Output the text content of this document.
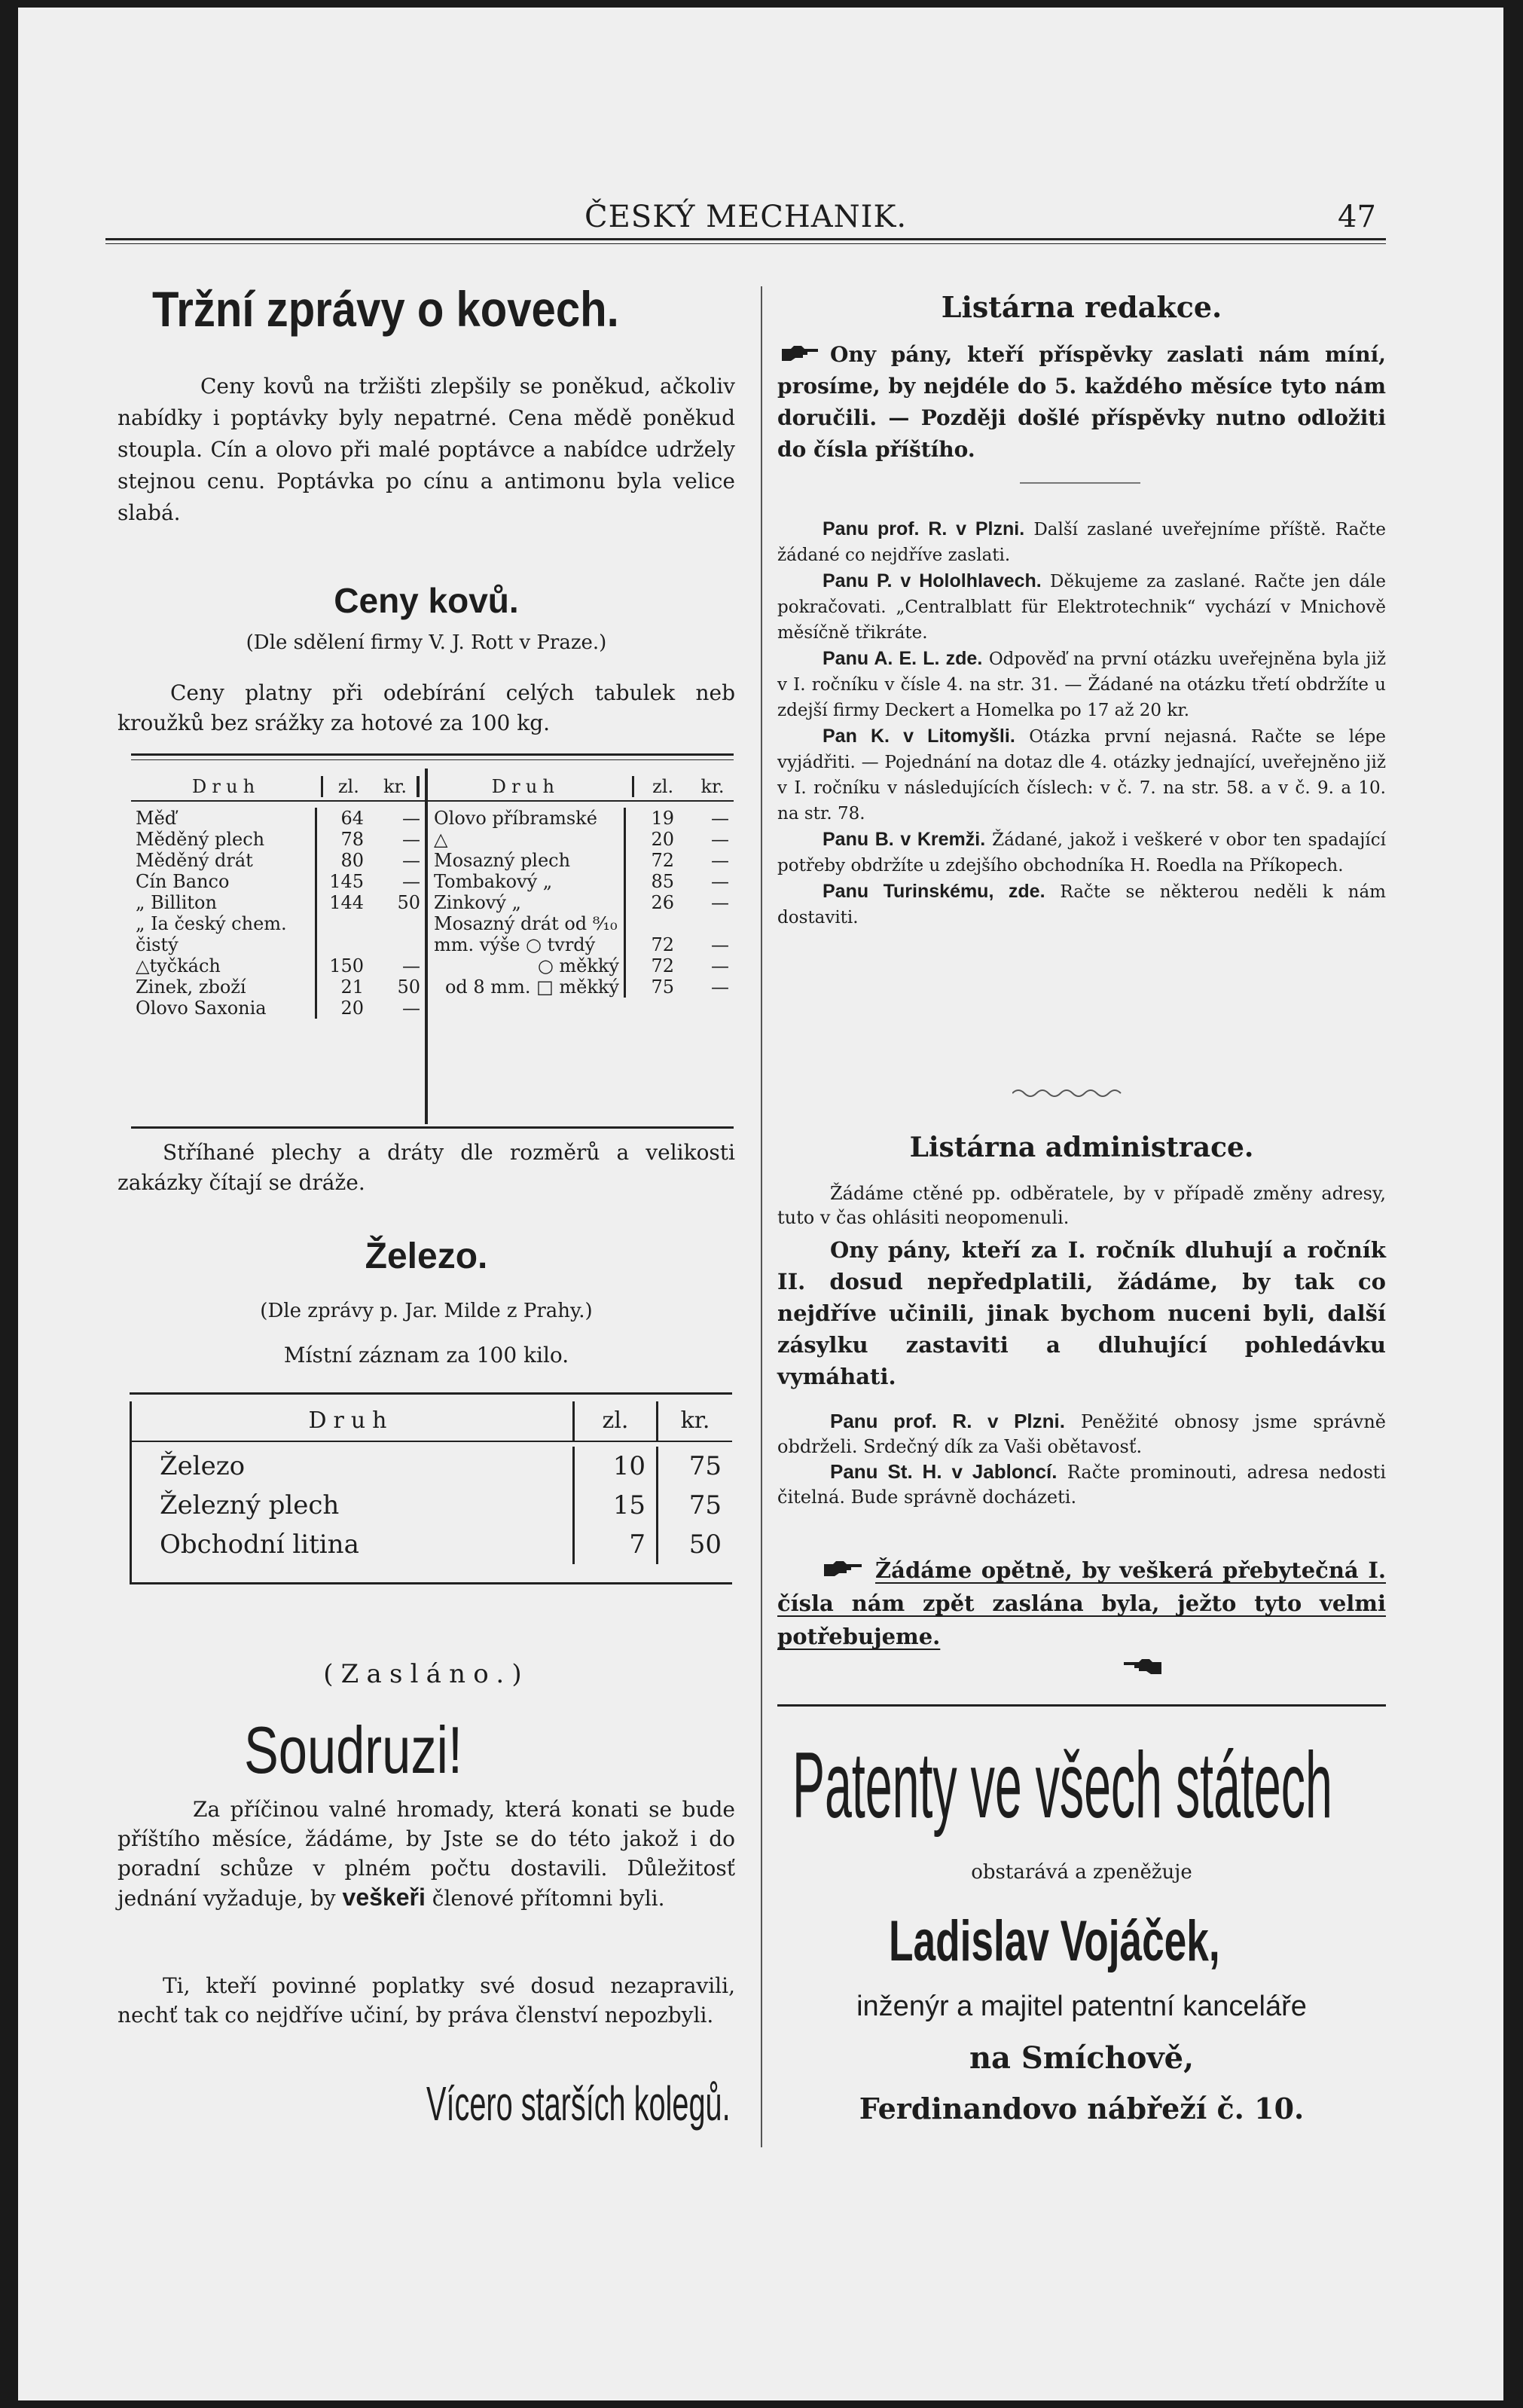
ČESKÝ MECHANIK.	47
Tržní zprávy o kovech.

Ceny kovů na tržišti zlepšily se poněkud, ačkoliv nabídky i poptávky byly nepatrné. Cena mědě poněkud stoupla. Cín a olovo při malé poptávce a nabídce udržely stejnou cenu. Poptávka po cínu a antimonu byla velice slabá.

Ceny kovů.
(Dle sdělení firmy V. J. Rott v Praze.)

Ceny platny při odebírání celých tabulek neb kroužků bez srážky za hotové za 100 kg.

Druh	zl.	kr.	Druh	zl.	kr.
Měď	64	—
Měděný plech	78	—
Měděný drát	80	—
Cín Banco	145	—
„ Billiton	144	50
„ Ia český chem. čistý		
△tyčkách	150	—
Zinek, zboží	21	50
Olovo Saxonia	20	—
Olovo příbramské	19	—
△	20	—
Mosazný plech	72	—
Tombakový „	85	—
Zinkový „	26	—
Mosazný drát od ⁸⁄₁₀ mm. výše ○ tvrdý	72	—
○ měkký	72	—
od 8 mm. □ měkký	75	—

Stříhané plechy a dráty dle rozměrů a velikosti zakázky čítají se dráže.

Železo.
(Dle zprávy p. Jar. Milde z Prahy.)
Místní záznam za 100 kilo.
Druh	zl.	kr.

Železo	10	75
Železný plech	15	75
Obchodní litina	7	50
(Zasláno.)
Soudruzi!

Za příčinou valné hromady, která konati se bude příštího měsíce, žádáme, by Jste se do této jakož i do poradní schůze v plném počtu dostavili. Důležitosť jednání vyžaduje, by veškeři členové přítomni byli.

Ti, kteří povinné poplatky své dosud nezapravili, nechť tak co nejdříve učiní, by práva členství nepozbyli.

Vícero starších kolegů.
Listárna redakce.

Ony pány, kteří příspěvky zaslati nám míní, prosíme, by nejdéle do 5. každého měsíce tyto nám doručili. — Později došlé příspěvky nutno odložiti do čísla příštího.

Panu prof. R. v Plzni. Další zaslané uveřejníme příště. Račte žádané co nejdříve zaslati.

Panu P. v Hololhlavech. Děkujeme za zaslané. Račte jen dále pokračovati. „Centralblatt für Elektrotechnik“ vychází v Mnichově měsíčně třikráte.

Panu A. E. L. zde. Odpověď na první otázku uveřejněna byla již v I. ročníku v čísle 4. na str. 31. — Žádané na otázku třetí obdržíte u zdejší firmy Deckert a Homelka po 17 až 20 kr.

Pan K. v Litomyšli. Otázka první nejasná. Račte se lépe vyjádřiti. — Pojednání na dotaz dle 4. otázky jednající, uveřejněno již v I. ročníku v následujících číslech: v č. 7. na str. 58. a v č. 9. a 10. na str. 78.

Panu B. v Kremži. Žádané, jakož i veškeré v obor ten spadající potřeby obdržíte u zdejšího obchodníka H. Roedla na Příkopech.

Panu Turinskému, zde. Račte se některou neděli k nám dostaviti.

Listárna administrace.

Žádáme ctěné pp. odběratele, by v případě změny adresy, tuto v čas ohlásiti neopomenuli.

Ony pány, kteří za I. ročník dluhují a ročník II. dosud nepředplatili, žádáme, by tak co nejdříve učinili, jinak bychom nuceni byli, další zásylku zastaviti a dluhující pohledávku vymáhati.

Panu prof. R. v Plzni. Peněžité obnosy jsme správně obdrželi. Srdečný dík za Vaši obětavosť.

Panu St. H. v Jabloncí. Račte prominouti, adresa nedosti čitelná. Bude správně docházeti.

Žádáme opětně, by veškerá přebytečná I. čísla nám zpět zaslána byla, ježto tyto velmi potřebujeme.

Patenty ve všech státech
obstarává a zpeněžuje
Ladislav Vojáček,
inženýr a majitel patentní kanceláře
na Smíchově,
Ferdinandovo nábřeží č. 10.
